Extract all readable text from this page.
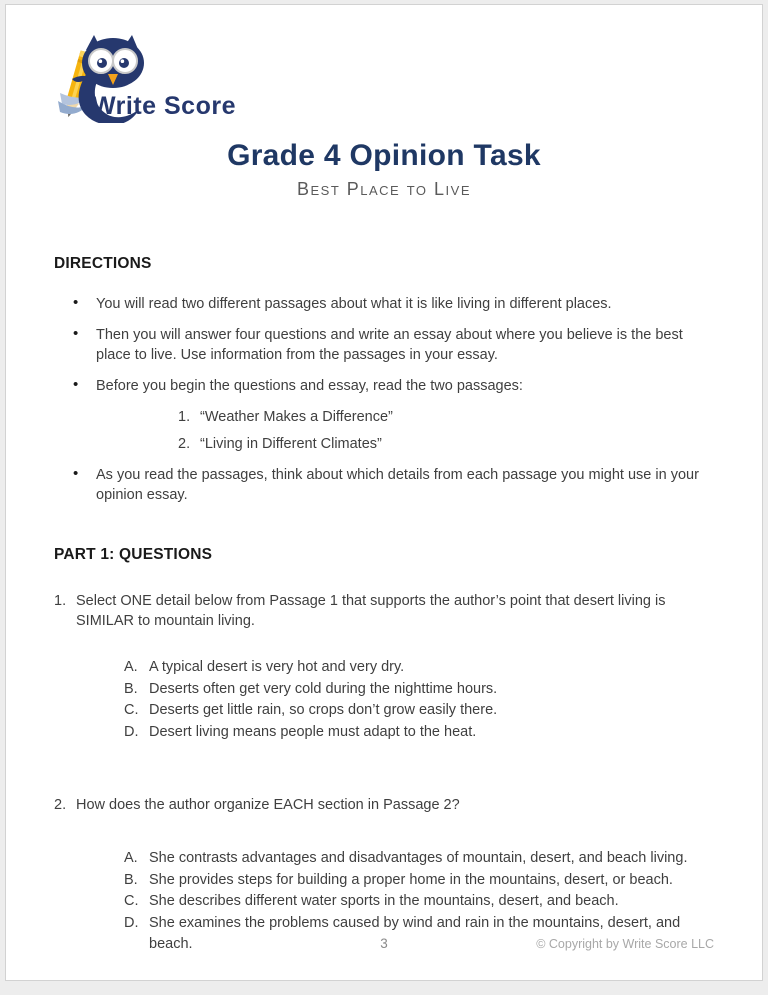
Write Score
Grade 4 Opinion Task
Best Place to Live
DIRECTIONS
• You will read two different passages about what it is like living in different places.
• Then you will answer four questions and write an essay about where you believe is the best place to live. Use information from the passages in your essay.
• Before you begin the questions and essay, read the two passages:
1. “Weather Makes a Difference”
2. “Living in Different Climates”
• As you read the passages, think about which details from each passage you might use in your opinion essay.
PART 1: QUESTIONS
1. Select ONE detail below from Passage 1 that supports the author’s point that desert living is SIMILAR to mountain living.
A. A typical desert is very hot and very dry.
B. Deserts often get very cold during the nighttime hours.
C. Deserts get little rain, so crops don’t grow easily there.
D. Desert living means people must adapt to the heat.
2. How does the author organize EACH section in Passage 2?
A. She contrasts advantages and disadvantages of mountain, desert, and beach living.
B. She provides steps for building a proper home in the mountains, desert, or beach.
C. She describes different water sports in the mountains, desert, and beach.
D. She examines the problems caused by wind and rain in the mountains, desert, and beach.	3	© Copyright by Write Score LLC
